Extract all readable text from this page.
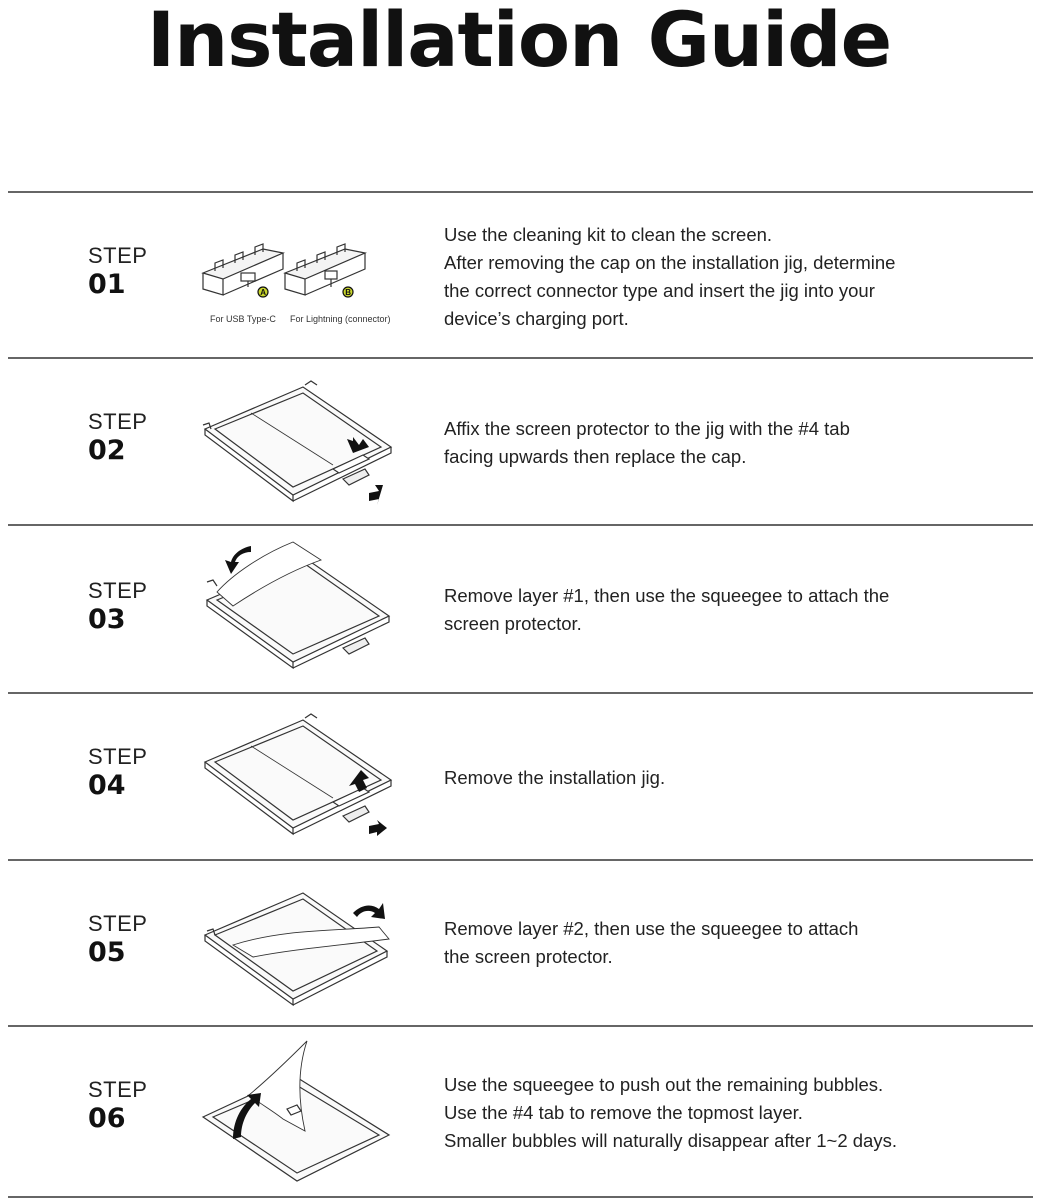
Installation Guide
STEP
01	A	B
For USB Type-C For Lightning (connector)
Use the cleaning kit to clean the screen.
After removing the cap on the installation jig, determine
the correct connector type and insert the jig into your
device’s charging port.
STEP
02
Affix the screen protector to the jig with the #4 tab
facing upwards then replace the cap.
STEP
03
Remove layer #1, then use the squeegee to attach the
screen protector.
STEP
04	Remove the installation jig.
STEP
05
Remove layer #2, then use the squeegee to attach
the screen protector.
STEP
06
Use the squeegee to push out the remaining bubbles.
Use the #4 tab to remove the topmost layer.
Smaller bubbles will naturally disappear after 1~2 days.
